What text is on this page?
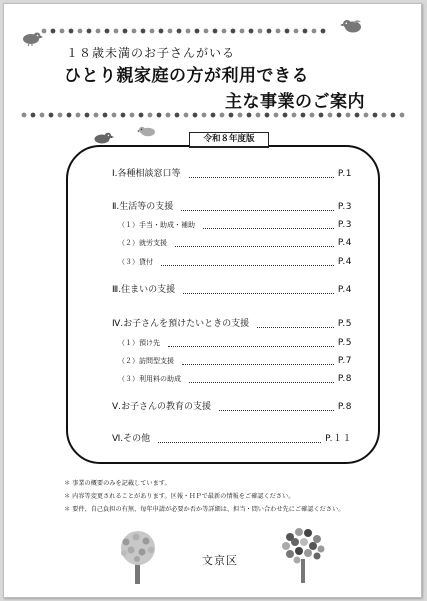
１８歳未満のお子さんがいる
ひとり親家庭の方が利用できる
主な事業のご案内
令和８年度版
＊ 事業の概要のみを記載しています。
＊ 内容等変更されることがあります。区報・ＨＰで最新の情報をご確認ください。
＊ 要件、自己負担の有無、毎年申請が必要か否か等詳細は、担当・問い合わせ先にご確認ください。
文京区
Ⅰ.各種相談窓口等	P.1
Ⅱ.生活等の支援	P.3
（１）手当・助成・補助	P.3
（２）就労支援	P.4
（３）貸付	P.4
Ⅲ.住まいの支援	P.4
Ⅳ.お子さんを預けたいときの支援	P.5
（１）預け先	P.5
（２）訪問型支援	P.7
（３）利用料の助成	P.8
Ⅴ.お子さんの教育の支援	P.8
Ⅵ.その他	P.１１
